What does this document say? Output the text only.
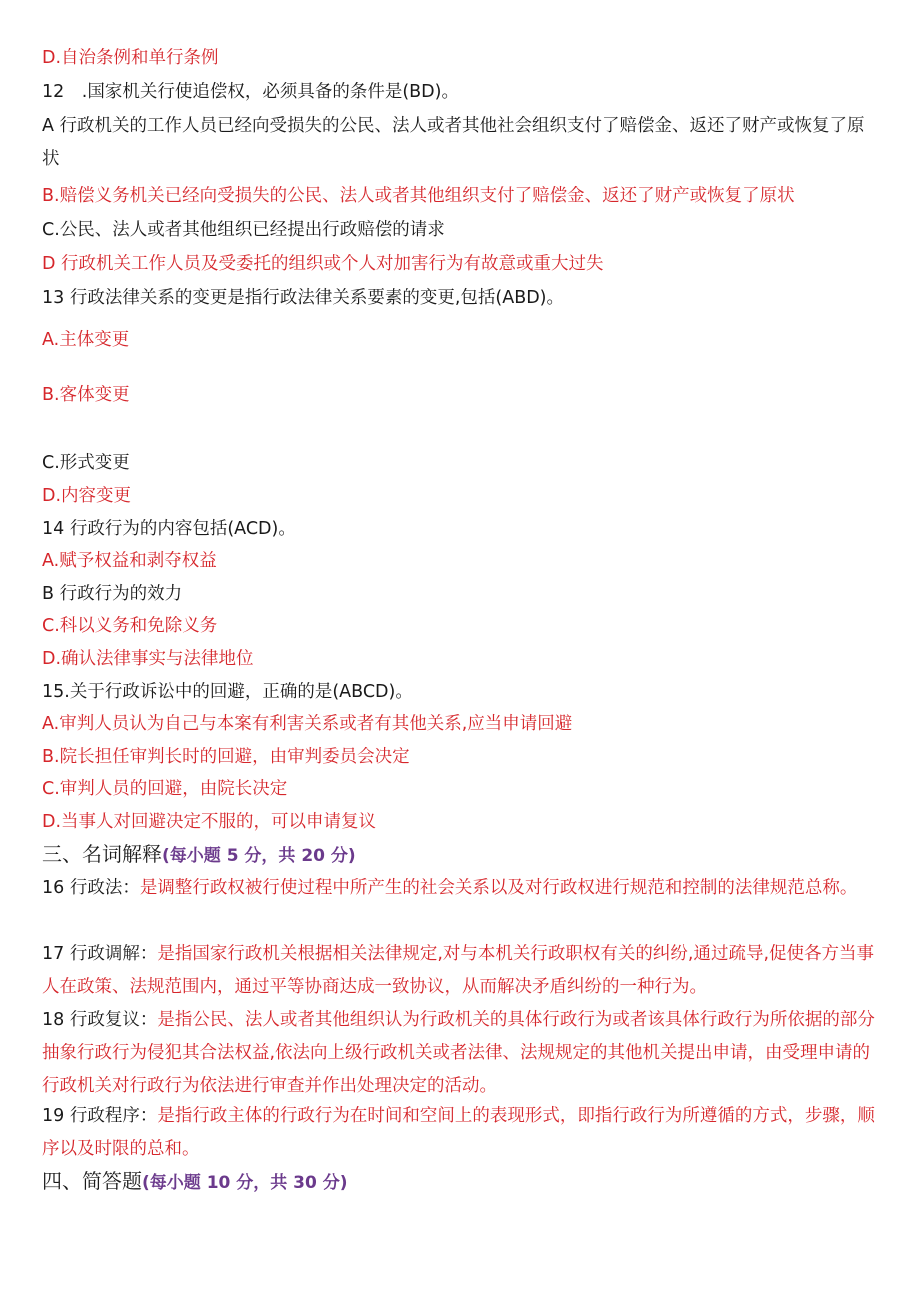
D.自治条例和单行条例
12　.国家机关行使追偿权，必须具备的条件是(BD)。
A 行政机关的工作人员已经向受损失的公民、法人或者其他社会组织支付了赔偿金、返还了财产或恢复了原状
B.赔偿义务机关已经向受损失的公民、法人或者其他组织支付了赔偿金、返还了财产或恢复了原状
C.公民、法人或者其他组织已经提出行政赔偿的请求
D 行政机关工作人员及受委托的组织或个人对加害行为有故意或重大过失
13 行政法律关系的变更是指行政法律关系要素的变更,包括(ABD)。
A.主体变更
B.客体变更
C.形式变更
D.内容变更
14 行政行为的内容包括(ACD)。
A.赋予权益和剥夺权益
B 行政行为的效力
C.科以义务和免除义务
D.确认法律事实与法律地位
15.关于行政诉讼中的回避，正确的是(ABCD)。
A.审判人员认为自己与本案有利害关系或者有其他关系,应当申请回避
B.院长担任审判长时的回避，由审判委员会决定
C.审判人员的回避，由院长决定
D.当事人对回避决定不服的，可以申请复议
三、名词解释(每小题 5 分，共 20 分)
16 行政法：是调整行政权被行使过程中所产生的社会关系以及对行政权进行规范和控制的法律规范总称。
17 行政调解：是指国家行政机关根据相关法律规定,对与本机关行政职权有关的纠纷,通过疏导,促使各方当事人在政策、法规范围内，通过平等协商达成一致协议，从而解决矛盾纠纷的一种行为。
18 行政复议：是指公民、法人或者其他组织认为行政机关的具体行政行为或者该具体行政行为所依据的部分抽象行政行为侵犯其合法权益,依法向上级行政机关或者法律、法规规定的其他机关提出申请，由受理申请的行政机关对行政行为依法进行审查并作出处理决定的活动。
19 行政程序：是指行政主体的行政行为在时间和空间上的表现形式，即指行政行为所遵循的方式，步骤，顺序以及时限的总和。
四、简答题(每小题 10 分，共 30 分)
